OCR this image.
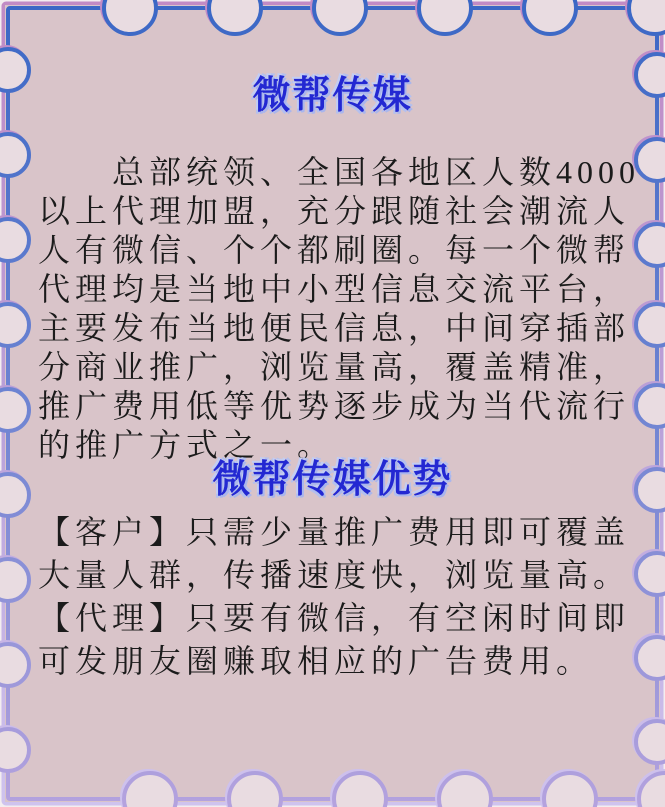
微帮传媒
总部统领、全国各地区人数4000
以上代理加盟，充分跟随社会潮流人
人有微信、个个都刷圈。每一个微帮
代理均是当地中小型信息交流平台，
主要发布当地便民信息，中间穿插部
分商业推广，浏览量高，覆盖精准，
推广费用低等优势逐步成为当代流行
的推广方式之一。
微帮传媒优势
【客户】只需少量推广费用即可覆盖
大量人群，传播速度快，浏览量高。
【代理】只要有微信，有空闲时间即
可发朋友圈赚取相应的广告费用。
